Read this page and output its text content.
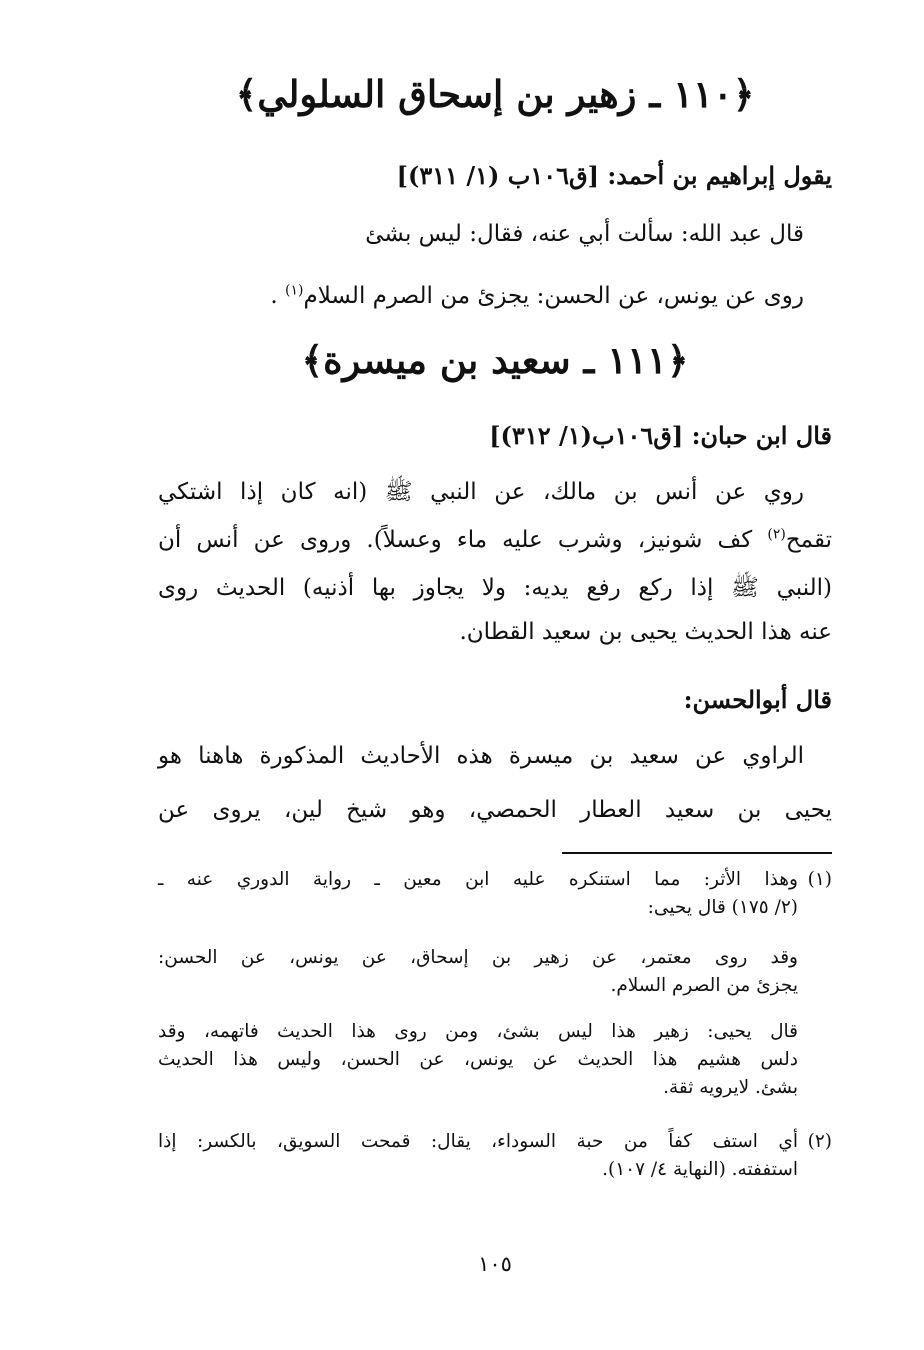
﴿١١٠ ـ زهير بن إسحاق السلولي﴾
يقول إبراهيم بن أحمد: [ق١٠٦ب (١/ ٣١١)]
قال عبد الله: سألت أبي عنه، فقال: ليس بشئ
روى عن يونس، عن الحسن: يجزئ من الصرم السلام$^{(١)}$ .
﴿١١١ ـ سعيد بن ميسرة﴾
قال ابن حبان: [ق١٠٦ب(١/ ٣١٢)]
روي عن أنس بن مالك، عن النبي ﷺ (انه كان إذا اشتكي
تقمح$^{(٢)}$ كف شونيز، وشرب عليه ماء وعسلاً). وروى عن أنس أن
(النبي ﷺ إذا ركع رفع يديه: ولا يجاوز بها أذنيه) الحديث روى
عنه هذا الحديث يحيى بن سعيد القطان.
قال أبوالحسن:
الراوي عن سعيد بن ميسرة هذه الأحاديث المذكورة هاهنا هو
يحيى بن سعيد العطار الحمصي، وهو شيخ لين، يروى عن
(١)
وهذا الأثر: مما استنكره عليه ابن معين ـ رواية الدوري عنه ـ
(٢/ ١٧٥) قال يحيى:
وقد روى معتمر، عن زهير بن إسحاق، عن يونس، عن الحسن:
يجزئ من الصرم السلام.
قال يحيى: زهير هذا ليس بشئ، ومن روى هذا الحديث فاتهمه، وقد
دلس هشيم هذا الحديث عن يونس، عن الحسن، وليس هذا الحديث
بشئ. لايرويه ثقة.
(٢)
أي استف كفاً من حبة السوداء، يقال: قمحت السويق، بالكسر: إذا
استففته. (النهاية ٤/ ١٠٧).
١٠٥
